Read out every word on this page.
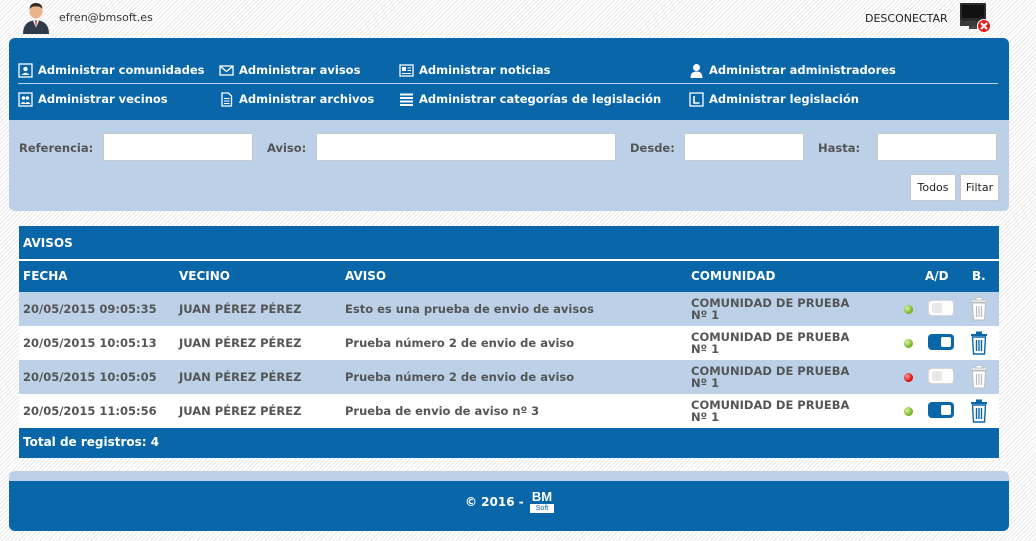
efren@bmsoft.es	DESCONECTAR
Administrar comunidades	Administrar avisos	Administrar noticias	Administrar administradores
Administrar vecinos	Administrar archivos	Administrar categorías de legislación	Administrar legislación
Referencia:	Aviso:	Desde:	Hasta:
Todos	Filtar
AVISOS
FECHA	VECINO	AVISO	COMUNIDAD	A/D B.
20/05/2015 09:05:35 JUAN PÉREZ PÉREZ	Esto es una prueba de envio de avisos	COMUNIDAD DE PRUEBA
Nº 1
20/05/2015 10:05:13 JUAN PÉREZ PÉREZ	Prueba número 2 de envio de aviso	COMUNIDAD DE PRUEBA
Nº 1
20/05/2015 10:05:05 JUAN PÉREZ PÉREZ	Prueba número 2 de envio de aviso	COMUNIDAD DE PRUEBA
Nº 1
20/05/2015 11:05:56 JUAN PÉREZ PÉREZ	Prueba de envio de aviso nº 3	COMUNIDAD DE PRUEBA
Nº 1
Total de registros: 4
© 2016 - BM
Soft
